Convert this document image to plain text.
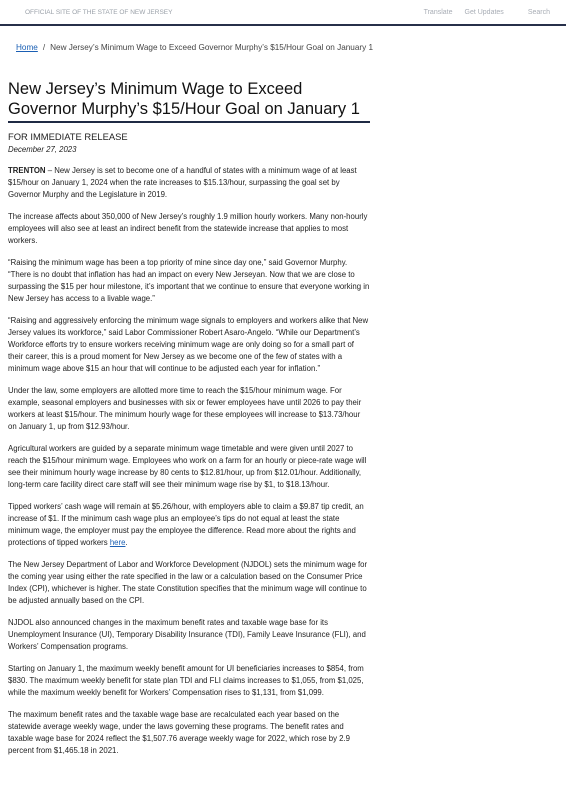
OFFICIAL SITE OF THE STATE OF NEW JERSEY	Translate Get Updates	Search
Home / New Jersey’s Minimum Wage to Exceed Governor Murphy’s $15/Hour Goal on January 1
New Jersey’s Minimum Wage to Exceed Governor Murphy’s $15/Hour Goal on January 1
FOR IMMEDIATE RELEASE
December 27, 2023

TRENTON – New Jersey is set to become one of a handful of states with a minimum wage of at least $15/hour on January 1, 2024 when the rate increases to $15.13/hour, surpassing the goal set by Governor Murphy and the Legislature in 2019.

The increase affects about 350,000 of New Jersey’s roughly 1.9 million hourly workers. Many non-hourly employees will also see at least an indirect benefit from the statewide increase that applies to most workers.

“Raising the minimum wage has been a top priority of mine since day one,” said Governor Murphy. “There is no doubt that inflation has had an impact on every New Jerseyan. Now that we are close to surpassing the $15 per hour milestone, it’s important that we continue to ensure that everyone working in New Jersey has access to a livable wage.”

“Raising and aggressively enforcing the minimum wage signals to employers and workers alike that New Jersey values its workforce,” said Labor Commissioner Robert Asaro-Angelo. “While our Department’s Workforce efforts try to ensure workers receiving minimum wage are only doing so for a small part of their career, this is a proud moment for New Jersey as we become one of the few of states with a minimum wage above $15 an hour that will continue to be adjusted each year for inflation.”

Under the law, some employers are allotted more time to reach the $15/hour minimum wage. For example, seasonal employers and businesses with six or fewer employees have until 2026 to pay their workers at least $15/hour. The minimum hourly wage for these employees will increase to $13.73/hour on January 1, up from $12.93/hour.

Agricultural workers are guided by a separate minimum wage timetable and were given until 2027 to reach the $15/hour minimum wage. Employees who work on a farm for an hourly or piece-rate wage will see their minimum hourly wage increase by 80 cents to $12.81/hour, up from $12.01/hour. Additionally, long-term care facility direct care staff will see their minimum wage rise by $1, to $18.13/hour.

Tipped workers’ cash wage will remain at $5.26/hour, with employers able to claim a $9.87 tip credit, an increase of $1. If the minimum cash wage plus an employee’s tips do not equal at least the state minimum wage, the employer must pay the employee the difference. Read more about the rights and protections of tipped workers here.

The New Jersey Department of Labor and Workforce Development (NJDOL) sets the minimum wage for the coming year using either the rate specified in the law or a calculation based on the Consumer Price Index (CPI), whichever is higher. The state Constitution specifies that the minimum wage will continue to be adjusted annually based on the CPI.

NJDOL also announced changes in the maximum benefit rates and taxable wage base for its Unemployment Insurance (UI), Temporary Disability Insurance (TDI), Family Leave Insurance (FLI), and Workers’ Compensation programs.

Starting on January 1, the maximum weekly benefit amount for UI beneficiaries increases to $854, from $830. The maximum weekly benefit for state plan TDI and FLI claims increases to $1,055, from $1,025, while the maximum weekly benefit for Workers’ Compensation rises to $1,131, from $1,099.

The maximum benefit rates and the taxable wage base are recalculated each year based on the statewide average weekly wage, under the laws governing these programs. The benefit rates and taxable wage base for 2024 reflect the $1,507.76 average weekly wage for 2022, which rose by 2.9 percent from $1,465.18 in 2021.
